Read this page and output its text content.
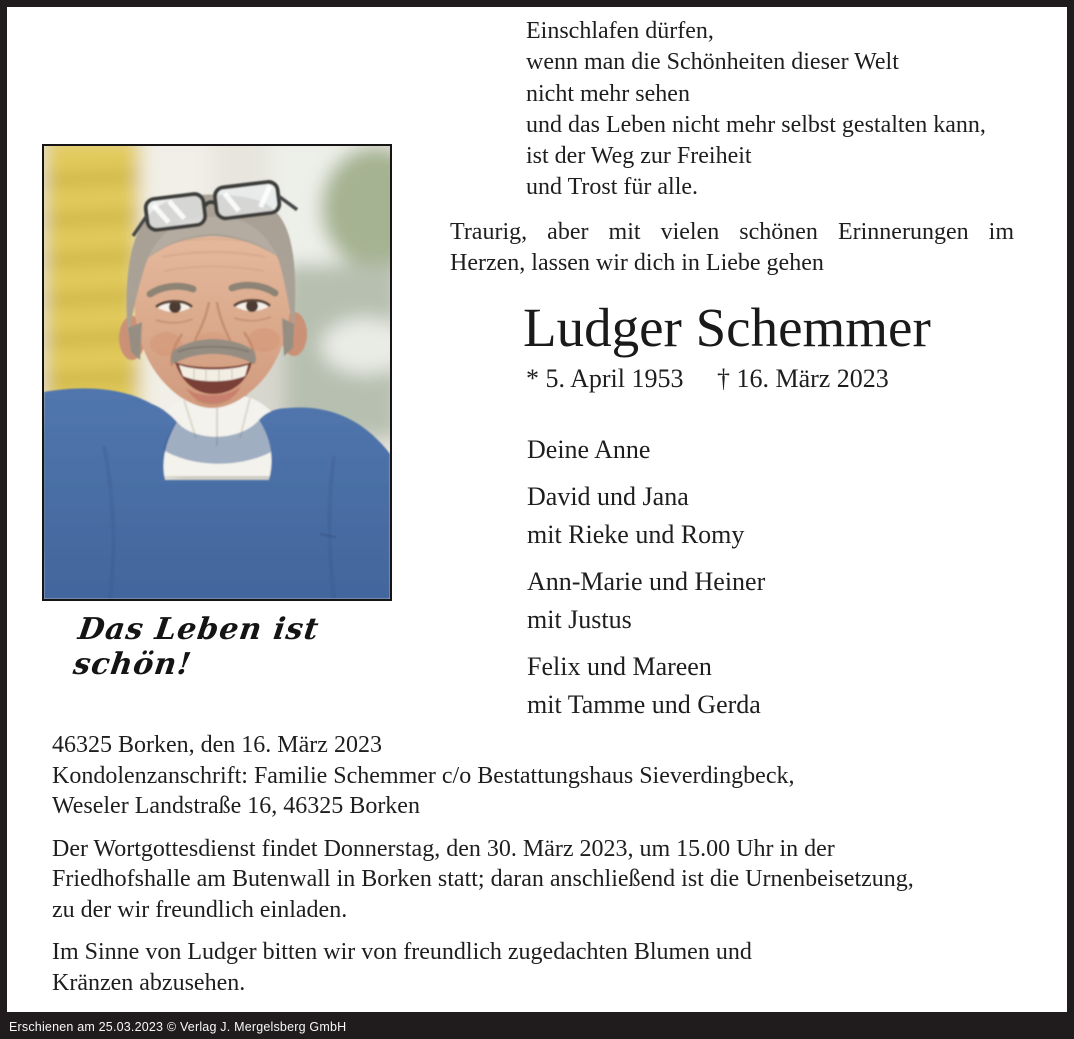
Das Leben ist schön!
Einschlafen dürfen,
wenn man die Schönheiten dieser Welt
nicht mehr sehen
und das Leben nicht mehr selbst gestalten kann,
ist der Weg zur Freiheit
und Trost für alle.
Traurig, aber mit vielen schönen Erinnerungen im
Herzen, lassen wir dich in Liebe gehen
Ludger Schemmer
* 5. April 1953 † 16. März 2023
Deine Anne
David und Jana
mit Rieke und Romy
Ann-Marie und Heiner
mit Justus
Felix und Mareen
mit Tamme und Gerda

46325 Borken, den 16. März 2023
Kondolenzanschrift: Familie Schemmer c/o Bestattungshaus Sieverdingbeck,
Weseler Landstraße 16, 46325 Borken

Der Wortgottesdienst findet Donnerstag, den 30. März 2023, um 15.00 Uhr in der
Friedhofshalle am Butenwall in Borken statt; daran anschließend ist die Urnenbeisetzung,
zu der wir freundlich einladen.

Im Sinne von Ludger bitten wir von freundlich zugedachten Blumen und
Kränzen abzusehen.

Erschienen am 25.03.2023 © Verlag J. Mergelsberg GmbH
